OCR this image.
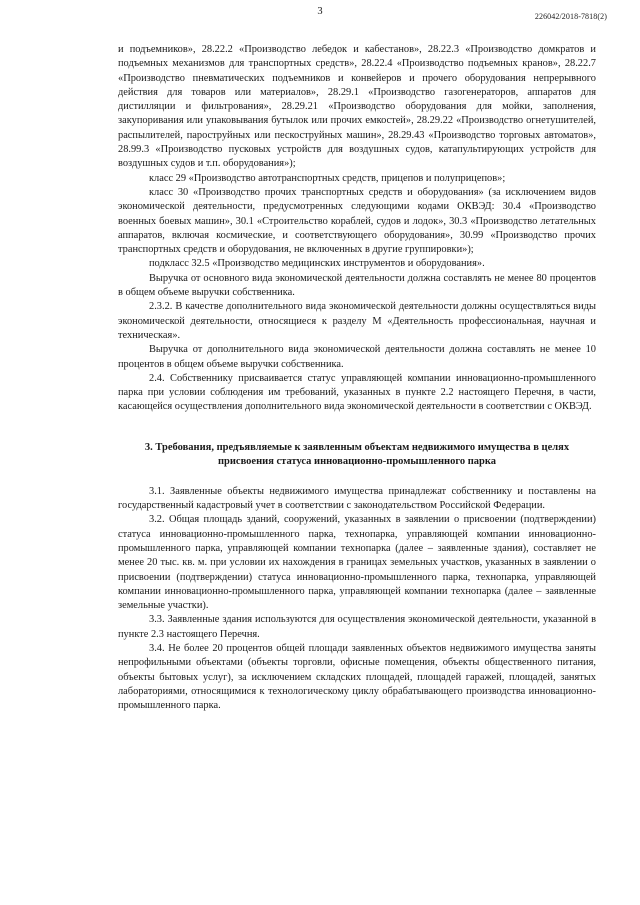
3	226042/2018-7818(2)

и подъемников», 28.22.2 «Производство лебедок и кабестанов», 28.22.3 «Производство домкратов и подъемных механизмов для транспортных средств», 28.22.4 «Производство подъемных кранов», 28.22.7 «Производство пневматических подъемников и конвейеров и прочего оборудования непрерывного действия для товаров или материалов», 28.29.1 «Производство газогенераторов, аппаратов для дистилляции и фильтрования», 28.29.21 «Производство оборудования для мойки, заполнения, закупоривания или упаковывания бутылок или прочих емкостей», 28.29.22 «Производство огнетушителей, распылителей, пароструйных или пескоструйных машин», 28.29.43 «Производство торговых автоматов», 28.99.3 «Производство пусковых устройств для воздушных судов, катапультирующих устройств для воздушных судов и т.п. оборудования»);

класс 29 «Производство автотранспортных средств, прицепов и полуприцепов»;

класс 30 «Производство прочих транспортных средств и оборудования» (за исключением видов экономической деятельности, предусмотренных следующими кодами ОКВЭД: 30.4 «Производство военных боевых машин», 30.1 «Строительство кораблей, судов и лодок», 30.3 «Производство летательных аппаратов, включая космические, и соответствующего оборудования», 30.99 «Производство прочих транспортных средств и оборудования, не включенных в другие группировки»);

подкласс 32.5 «Производство медицинских инструментов и оборудования».

Выручка от основного вида экономической деятельности должна составлять не менее 80 процентов в общем объеме выручки собственника.

2.3.2. В качестве дополнительного вида экономической деятельности должны осуществляться виды экономической деятельности, относящиеся к разделу М «Деятельность профессиональная, научная и техническая».

Выручка от дополнительного вида экономической деятельности должна составлять не менее 10 процентов в общем объеме выручки собственника.

2.4. Собственнику присваивается статус управляющей компании инновационно-промышленного парка при условии соблюдения им требований, указанных в пункте 2.2 настоящего Перечня, в части, касающейся осуществления дополнительного вида экономической деятельности в соответствии с ОКВЭД.

3. Требования, предъявляемые к заявленным объектам недвижимого имущества в целях присвоения статуса инновационно-промышленного парка

3.1. Заявленные объекты недвижимого имущества принадлежат собственнику и поставлены на государственный кадастровый учет в соответствии с законодательством Российской Федерации.

3.2. Общая площадь зданий, сооружений, указанных в заявлении о присвоении (подтверждении) статуса инновационно-промышленного парка, технопарка, управляющей компании инновационно-промышленного парка, управляющей компании технопарка (далее – заявленные здания), составляет не менее 20 тыс. кв. м. при условии их нахождения в границах земельных участков, указанных в заявлении о присвоении (подтверждении) статуса инновационно-промышленного парка, технопарка, управляющей компании инновационно-промышленного парка, управляющей компании технопарка (далее – заявленные земельные участки).

3.3. Заявленные здания используются для осуществления экономической деятельности, указанной в пункте 2.3 настоящего Перечня.

3.4. Не более 20 процентов общей площади заявленных объектов недвижимого имущества заняты непрофильными объектами (объекты торговли, офисные помещения, объекты общественного питания, объекты бытовых услуг), за исключением складских площадей, площадей гаражей, площадей, занятых лабораториями, относящимися к технологическому циклу обрабатывающего производства инновационно-промышленного парка.
